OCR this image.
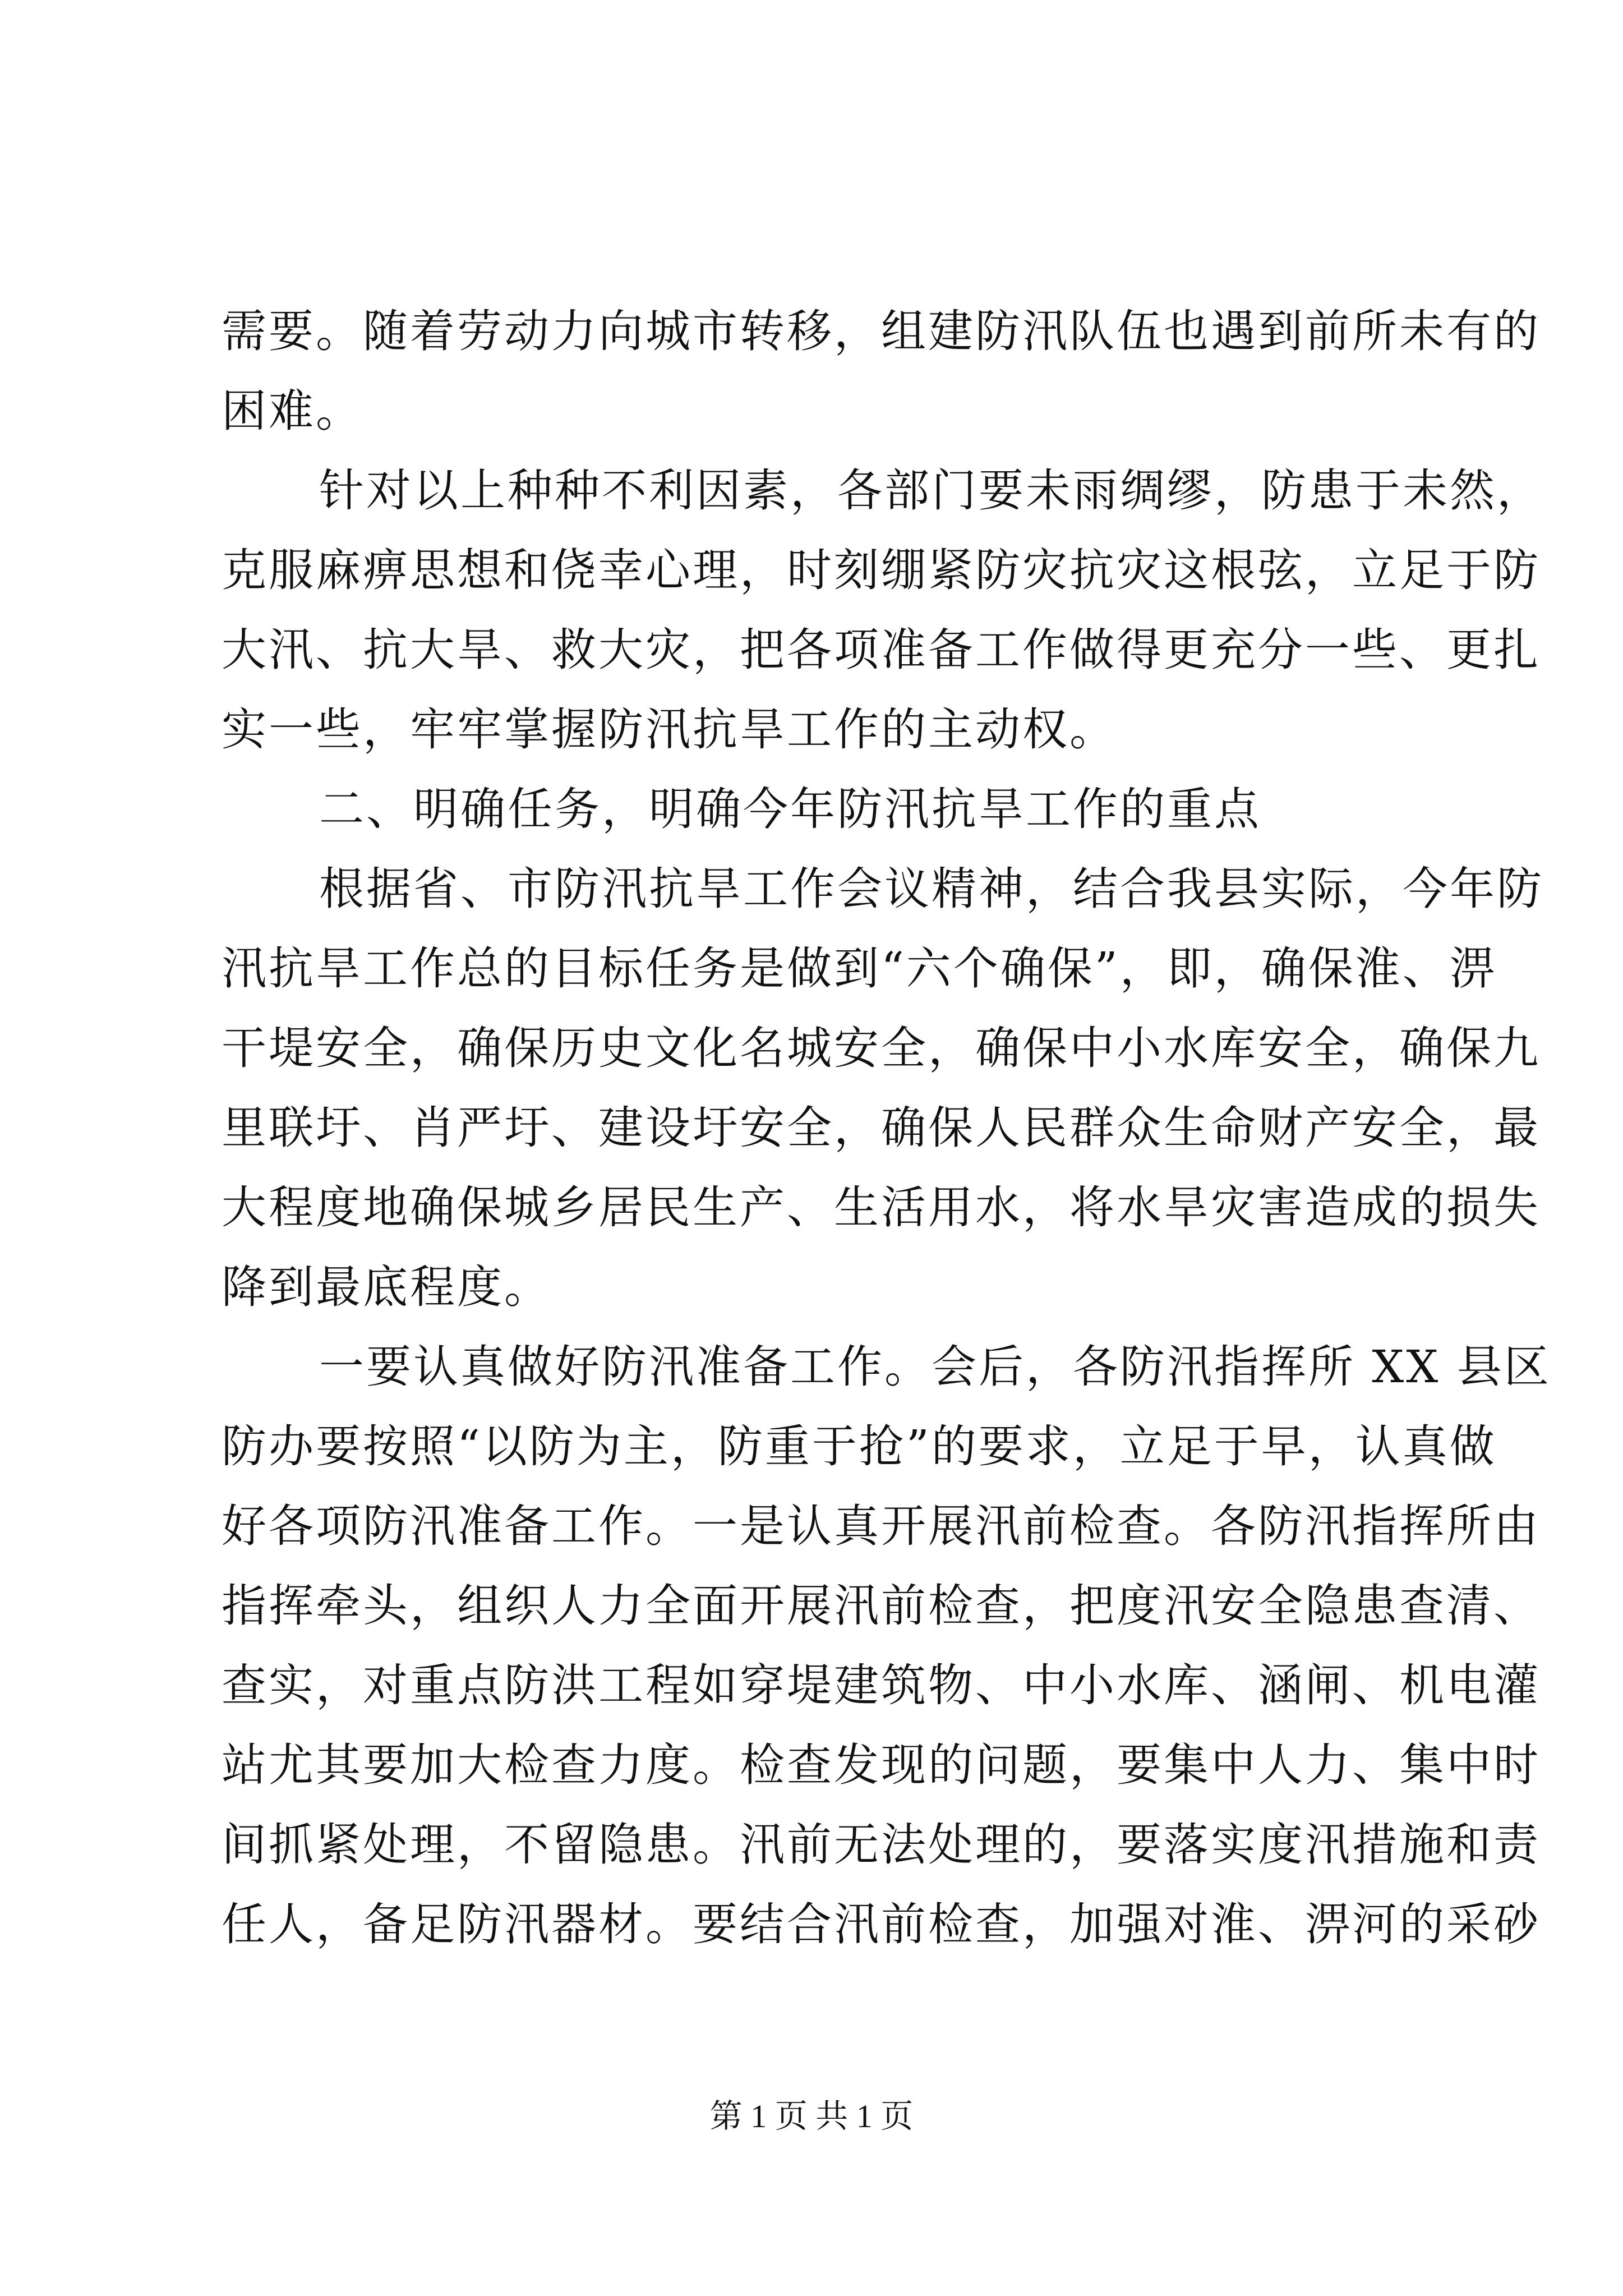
需要。随着劳动力向城市转移，组建防汛队伍也遇到前所未有的
困难。
针对以上种种不利因素，各部门要未雨绸缪，防患于未然，
克服麻痹思想和侥幸心理，时刻绷紧防灾抗灾这根弦，立足于防
大汛、抗大旱、救大灾，把各项准备工作做得更充分一些、更扎
实一些，牢牢掌握防汛抗旱工作的主动权。
二、明确任务，明确今年防汛抗旱工作的重点
根据省、市防汛抗旱工作会议精神，结合我县实际，今年防
汛抗旱工作总的目标任务是做到“六个确保”，即，确保淮、淠
干堤安全，确保历史文化名城安全，确保中小水库安全，确保九
里联圩、肖严圩、建设圩安全，确保人民群众生命财产安全，最
大程度地确保城乡居民生产、生活用水，将水旱灾害造成的损失
降到最底程度。
一要认真做好防汛准备工作。会后，各防汛指挥所 XX 县区
防办要按照“以防为主，防重于抢”的要求，立足于早，认真做
好各项防汛准备工作。一是认真开展汛前检查。各防汛指挥所由
指挥牵头，组织人力全面开展汛前检查，把度汛安全隐患查清、
查实，对重点防洪工程如穿堤建筑物、中小水库、涵闸、机电灌
站尤其要加大检查力度。检查发现的问题，要集中人力、集中时
间抓紧处理，不留隐患。汛前无法处理的，要落实度汛措施和责
任人，备足防汛器材。要结合汛前检查，加强对淮、淠河的采砂
第 1 页 共 1 页
